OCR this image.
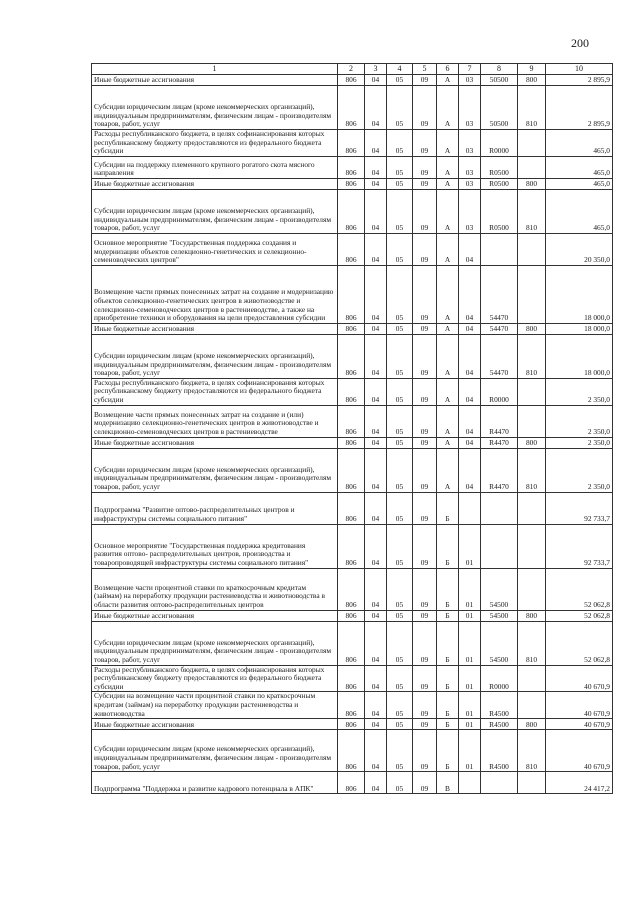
200
1	2	3	4	5	6	7	8	9	10
Иные бюджетные ассигнования	806	04	05	09	А	03	50500	800	2 895,9
Субсидии юридическим лицам (кроме некоммерческих организаций), индивидуальным предпринимателям, физическим лицам - производителям товаров, работ, услуг	806	04	05	09	А	03	50500	810	2 895,9
Расходы республиканского бюджета, в целях софинансирования которых республиканскому бюджету предоставляются из федерального бюджета субсидии	806	04	05	09	А	03	R0000		465,0
Субсидии на поддержку племенного крупного рогатого скота мясного направления	806	04	05	09	А	03	R0500		465,0
Иные бюджетные ассигнования	806	04	05	09	А	03	R0500	800	465,0
Субсидии юридическим лицам (кроме некоммерческих организаций), индивидуальным предпринимателям, физическим лицам - производителям товаров, работ, услуг	806	04	05	09	А	03	R0500	810	465,0
Основное мероприятие "Государственная поддержка создания и модернизации объектов селекционно-генетических и селекционно-семеноводческих центров"	806	04	05	09	А	04			20 350,0
Возмещение части прямых понесенных затрат на создание и модернизацию объектов селекционно-генетических центров в животноводстве и селекционно-семеноводческих центров в растениеводстве, а также на приобретение техники и оборудования на цели предоставления субсидии	806	04	05	09	А	04	54470		18 000,0
Иные бюджетные ассигнования	806	04	05	09	А	04	54470	800	18 000,0
Субсидии юридическим лицам (кроме некоммерческих организаций), индивидуальным предпринимателям, физическим лицам - производителям товаров, работ, услуг	806	04	05	09	А	04	54470	810	18 000,0
Расходы республиканского бюджета, в целях софинансирования которых республиканскому бюджету предоставляются из федерального бюджета субсидии	806	04	05	09	А	04	R0000		2 350,0
Возмещение части прямых понесенных затрат на создание и (или) модернизацию селекционно-генетических центров в животноводстве и селекционно-семеноводческих центров в растениеводстве	806	04	05	09	А	04	R4470		2 350,0
Иные бюджетные ассигнования	806	04	05	09	А	04	R4470	800	2 350,0
Субсидии юридическим лицам (кроме некоммерческих организаций), индивидуальным предпринимателям, физическим лицам - производителям товаров, работ, услуг	806	04	05	09	А	04	R4470	810	2 350,0
Подпрограмма "Развитие оптово-распределительных центров и инфраструктуры системы социального питания"	806	04	05	09	Б				92 733,7
Основное мероприятие "Государственная поддержка кредитования развития оптово- распределительных центров, производства и товаропроводящей инфраструктуры системы социального питания"	806	04	05	09	Б	01			92 733,7
Возмещение части процентной ставки по краткосрочным кредитам (займам) на переработку продукции растениеводства и животноводства в области развития оптово-распределительных центров	806	04	05	09	Б	01	54500		52 062,8
Иные бюджетные ассигнования	806	04	05	09	Б	01	54500	800	52 062,8
Субсидии юридическим лицам (кроме некоммерческих организаций), индивидуальным предпринимателям, физическим лицам - производителям товаров, работ, услуг	806	04	05	09	Б	01	54500	810	52 062,8
Расходы республиканского бюджета, в целях софинансирования которых республиканскому бюджету предоставляются из федерального бюджета субсидии	806	04	05	09	Б	01	R0000		40 670,9
Субсидии на возмещение части процентной ставки по краткосрочным кредитам (займам) на переработку продукции растениеводства и животноводства	806	04	05	09	Б	01	R4500		40 670,9
Иные бюджетные ассигнования	806	04	05	09	Б	01	R4500	800	40 670,9
Субсидии юридическим лицам (кроме некоммерческих организаций), индивидуальным предпринимателям, физическим лицам - производителям товаров, работ, услуг	806	04	05	09	Б	01	R4500	810	40 670,9
Подпрограмма "Поддержка и развитие кадрового потенциала в АПК"	806	04	05	09	В				24 417,2
